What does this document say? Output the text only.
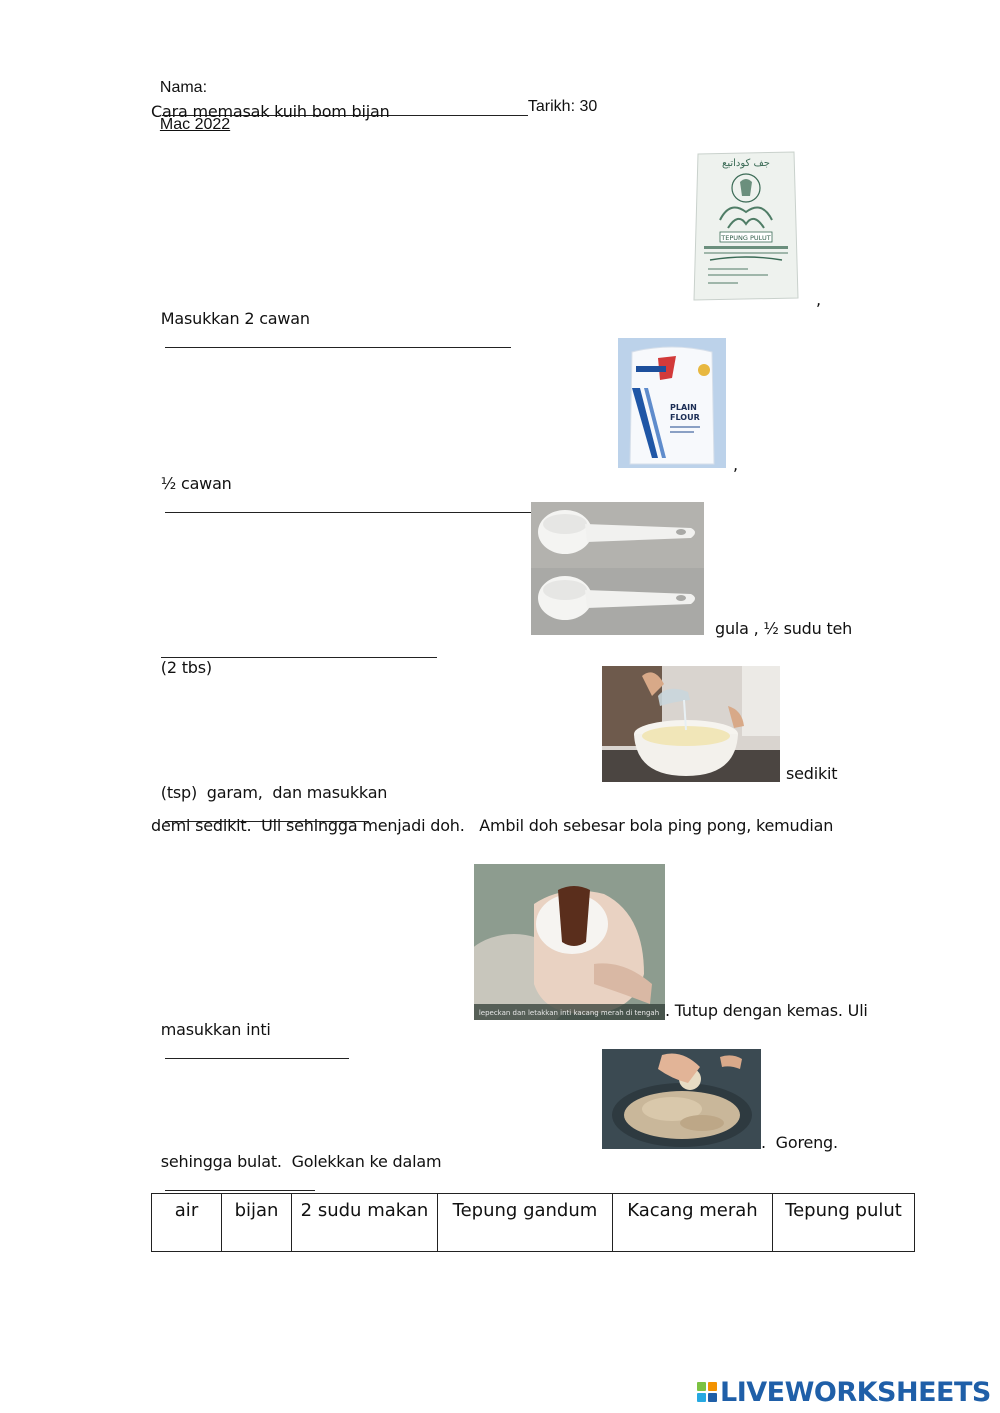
Nama:
Tarikh: 30
Mac 2022

Cara memasak kuih bom bijan

Masukkan 2 cawan

جف كوداتيع
TEPUNG PULUT
,

½ cawan

PLAIN
FLOUR
,

(2 tbs)

gula , ½ sudu teh

(tsp)  garam,  dan masukkan

sedikit
demi sedikit.  Uli sehingga menjadi doh.   Ambil doh sebesar bola ping pong, kemudian

masukkan inti

lepeckan dan letakkan inti kacang merah di tengah . Tutup dengan kemas. Uli

sehingga bulat.  Golekkan ke dalam

.  Goreng.
air	bijan	2 sudu makan	Tepung gandum	Kacang merah	Tepung pulut
LIVEWORKSHEETS
